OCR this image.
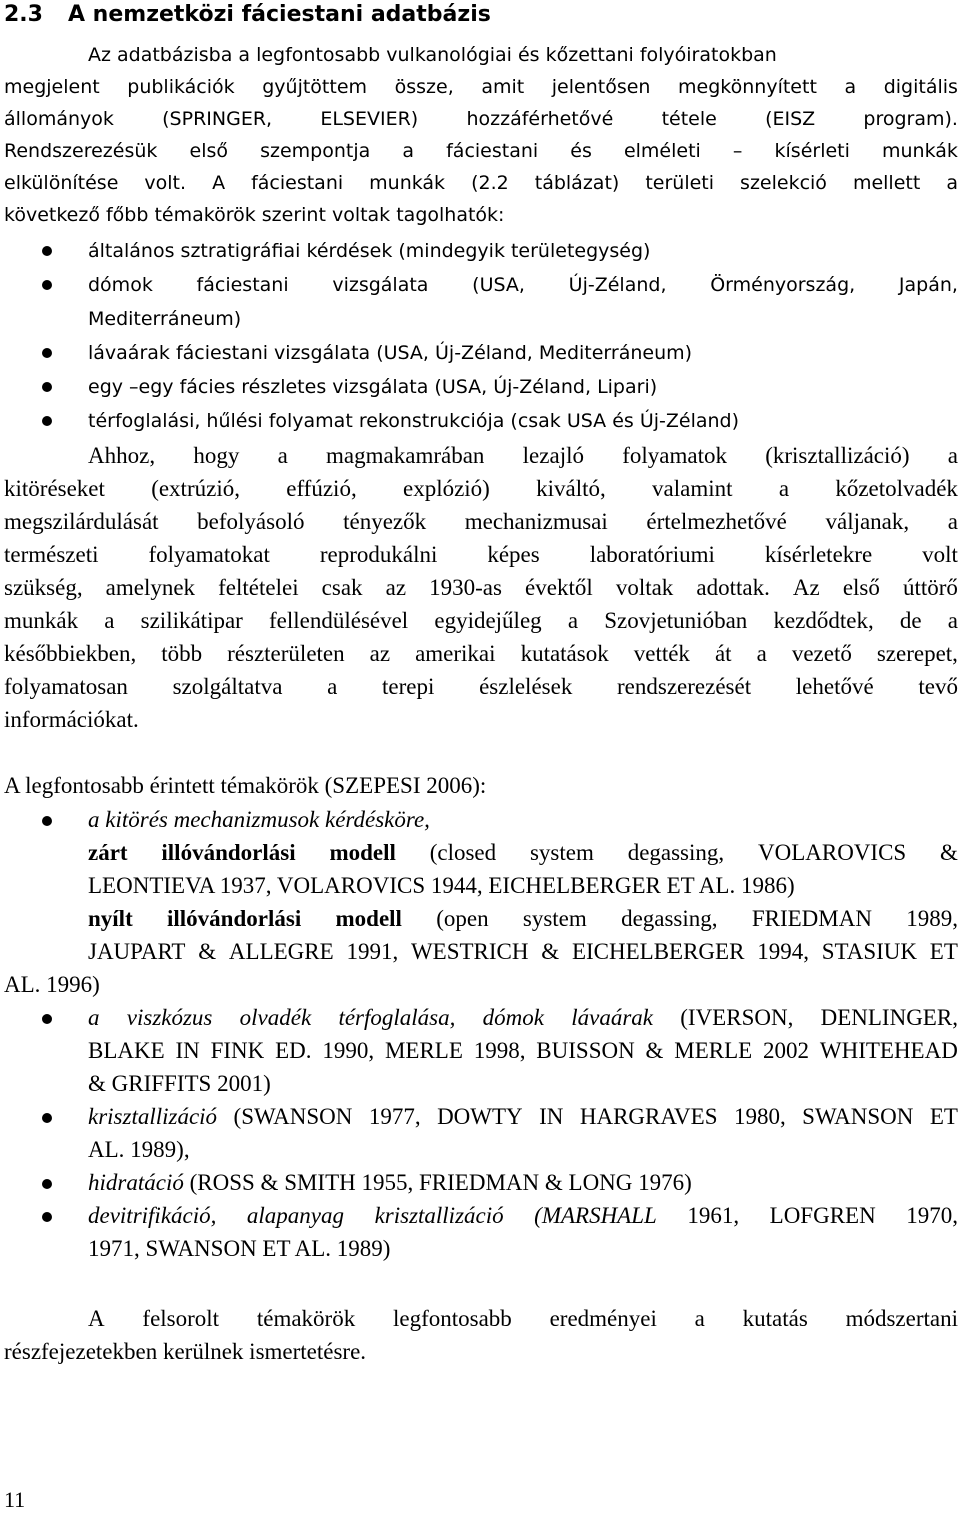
2.3 A nemzetközi fáciestani adatbázis
Az adatbázisba a legfontosabb vulkanológiai és kőzettani folyóiratokban
megjelent publikációk gyűjtöttem össze, amit jelentősen megkönnyített a digitális
állományok	(SPRINGER,	ELSEVIER)	hozzáférhetővé	tétele	(EISZ	program).
Rendszerezésük első szempontja a fáciestani és elméleti – kísérleti munkák
elkülönítése volt. A fáciestani munkák (2.2 táblázat) területi szelekció mellett a
következő főbb témakörök szerint voltak tagolhatók:
általános sztratigráfiai kérdések (mindegyik területegység)
dómok fáciestani vizsgálata (USA, Új-Zéland, Örményország, Japán,
Mediterráneum)
lávaárak fáciestani vizsgálata (USA, Új-Zéland, Mediterráneum)
egy –egy fácies részletes vizsgálata (USA, Új-Zéland, Lipari)
térfoglalási, hűlési folyamat rekonstrukciója (csak USA és Új-Zéland)
Ahhoz, hogy a magmakamrában lezajló folyamatok (krisztallizáció) a
kitöréseket (extrúzió, effúzió, explózió) kiváltó, valamint a kőzetolvadék
megszilárdulását befolyásoló tényezők mechanizmusai értelmezhetővé váljanak, a
természeti folyamatokat reprodukálni képes laboratóriumi kísérletekre volt
szükség, amelynek feltételei csak az 1930-as évektől voltak adottak. Az első úttörő
munkák a szilikátipar fellendülésével egyidejűleg a Szovjetunióban kezdődtek, de a
későbbiekben, több részterületen az amerikai kutatások vették át a vezető szerepet,
folyamatosan szolgáltatva a terepi észlelések rendszerezését lehetővé tevő
információkat.
A legfontosabb érintett témakörök (SZEPESI 2006):
a kitörés mechanizmusok kérdésköre,
zárt illóvándorlási modell (closed system degassing, VOLAROVICS &
LEONTIEVA 1937, VOLAROVICS 1944, EICHELBERGER ET AL. 1986)
nyílt illóvándorlási modell (open system degassing, FRIEDMAN 1989,
JAUPART & ALLEGRE 1991, WESTRICH & EICHELBERGER 1994, STASIUK ET
AL. 1996)
a viszkózus olvadék térfoglalása, dómok lávaárak (IVERSON, DENLINGER,
BLAKE IN FINK ED. 1990, MERLE 1998, BUISSON & MERLE 2002 WHITEHEAD
& GRIFFITS 2001)
krisztallizáció (SWANSON 1977, DOWTY IN HARGRAVES 1980, SWANSON ET
AL. 1989),
hidratáció (ROSS & SMITH 1955, FRIEDMAN & LONG 1976)
devitrifikáció, alapanyag krisztallizáció (MARSHALL 1961, LOFGREN 1970,
1971, SWANSON ET AL. 1989)
A felsorolt témakörök legfontosabb eredményei a kutatás módszertani
részfejezetekben kerülnek ismertetésre.
11
